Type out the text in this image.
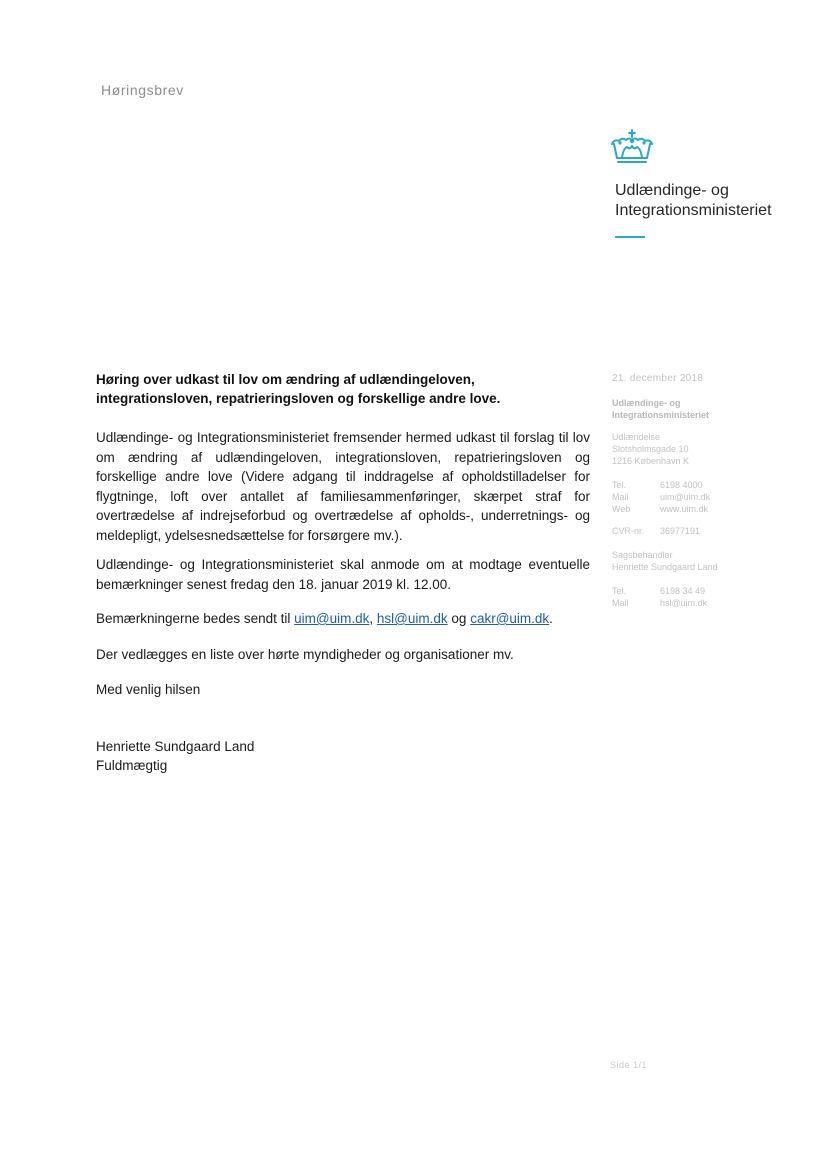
Høringsbrev
Udlændinge- og
Integrationsministeriet
Høring over udkast til lov om ændring af udlændingeloven, integrationsloven, repatrieringsloven og forskellige andre love.

Udlændinge- og Integrationsministeriet fremsender hermed udkast til forslag til lov om ændring af udlændingeloven, integrationsloven, repatrieringsloven og forskellige andre love (Videre adgang til inddragelse af opholdstilladelser for flygtninge, loft over antallet af familiesammenføringer, skærpet straf for overtrædelse af indrejseforbud og overtrædelse af opholds-, underretnings- og meldepligt, ydelsesnedsættelse for forsørgere mv.).

Udlændinge- og Integrationsministeriet skal anmode om at modtage eventuelle bemærkninger senest fredag den 18. januar 2019 kl. 12.00.

Bemærkningerne bedes sendt til uim@uim.dk, hsl@uim.dk og cakr@uim.dk.

Der vedlægges en liste over hørte myndigheder og organisationer mv.

Med venlig hilsen

Henriette Sundgaard Land

Fuldmægtig

21. december 2018
Udlændinge- og
Integrationsministeriet
Udlændelse
Slotsholmsgade 10
1216 København K
Tel.	6198 4000
Mail	uim@uim.dk
Web	www.uim.dk
CVR-nr.	36977191
Sagsbehandler
Henriette Sundgaard Land
Tel.	6198 34 49
Mail	hsl@uim.dk
Side 1/1
